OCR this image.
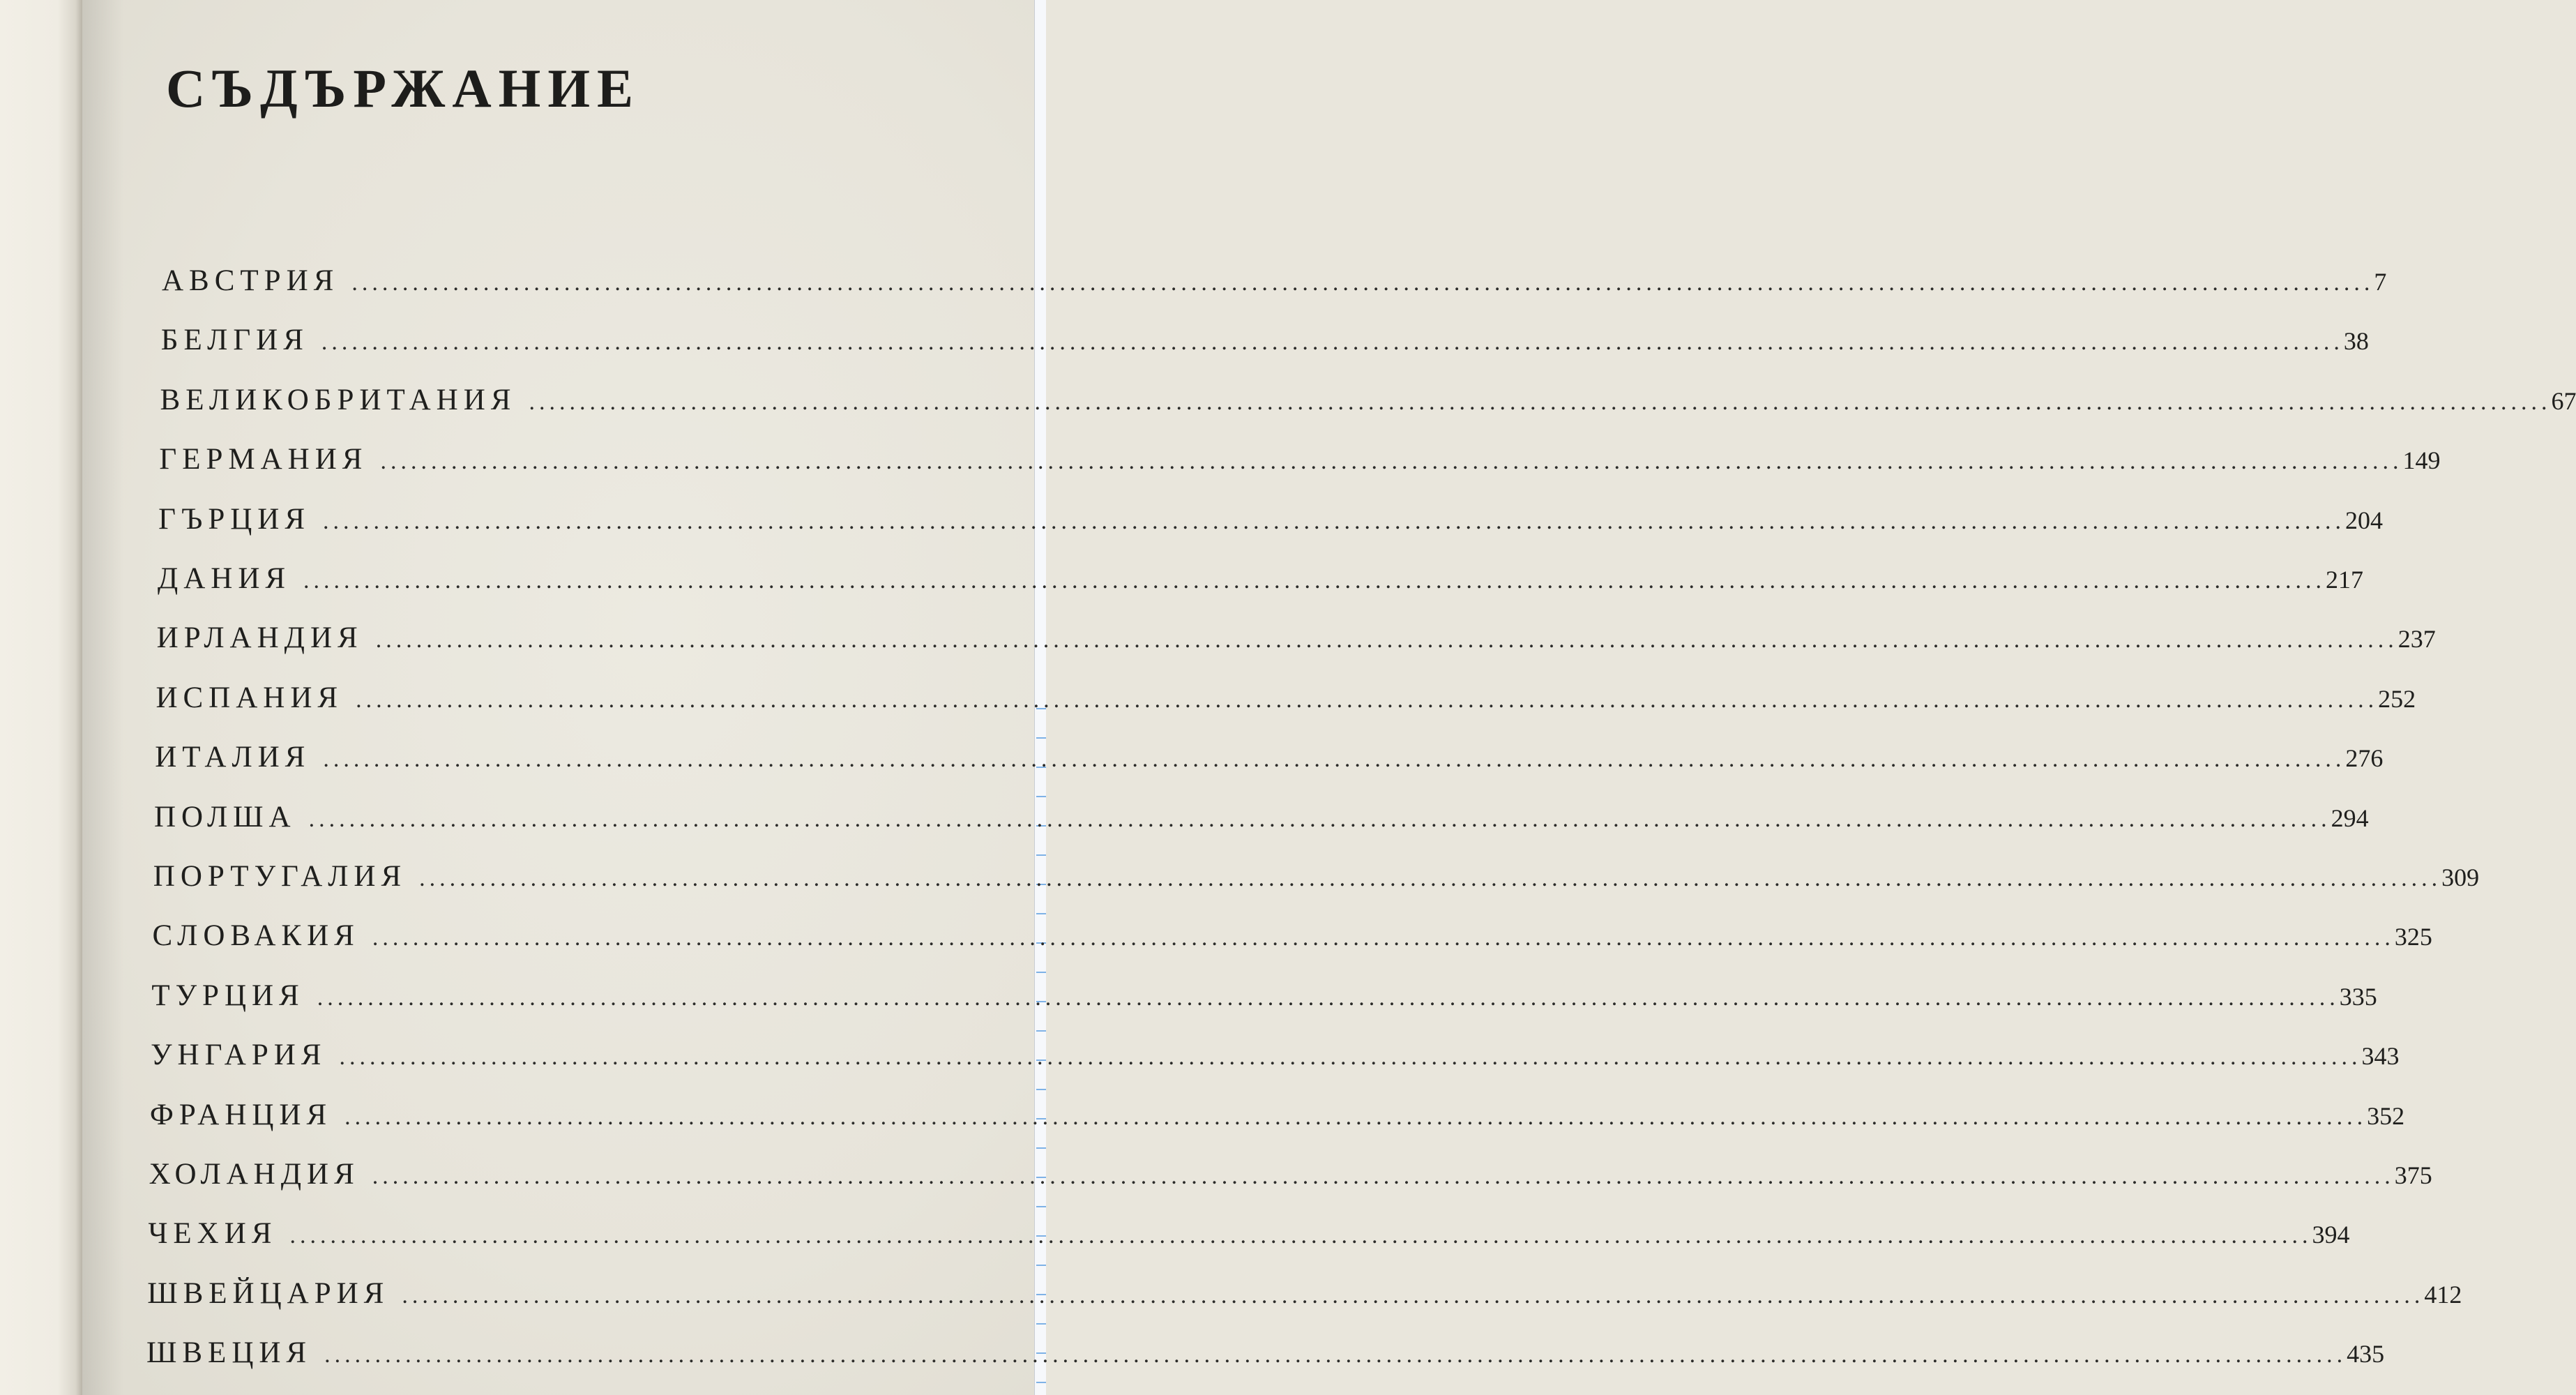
СЪДЪРЖАНИЕ
АВСТРИЯ ........................................................................................................................................................................................................ 7
БЕЛГИЯ ........................................................................................................................................................................................................ 38
ВЕЛИКОБРИТАНИЯ ........................................................................................................................................................................................................ 67
ГЕРМАНИЯ ........................................................................................................................................................................................................ 149
ГЪРЦИЯ ........................................................................................................................................................................................................ 204
ДАНИЯ ........................................................................................................................................................................................................ 217
ИРЛАНДИЯ ........................................................................................................................................................................................................ 237
ИСПАНИЯ ........................................................................................................................................................................................................ 252
ИТАЛИЯ ........................................................................................................................................................................................................ 276
ПОЛША ........................................................................................................................................................................................................ 294
ПОРТУГАЛИЯ ........................................................................................................................................................................................................ 309
СЛОВАКИЯ ........................................................................................................................................................................................................ 325
ТУРЦИЯ ........................................................................................................................................................................................................ 335
УНГАРИЯ ........................................................................................................................................................................................................ 343
ФРАНЦИЯ ........................................................................................................................................................................................................ 352
ХОЛАНДИЯ ........................................................................................................................................................................................................ 375
ЧЕХИЯ ........................................................................................................................................................................................................ 394
ШВЕЙЦАРИЯ ........................................................................................................................................................................................................ 412
ШВЕЦИЯ ........................................................................................................................................................................................................ 435
